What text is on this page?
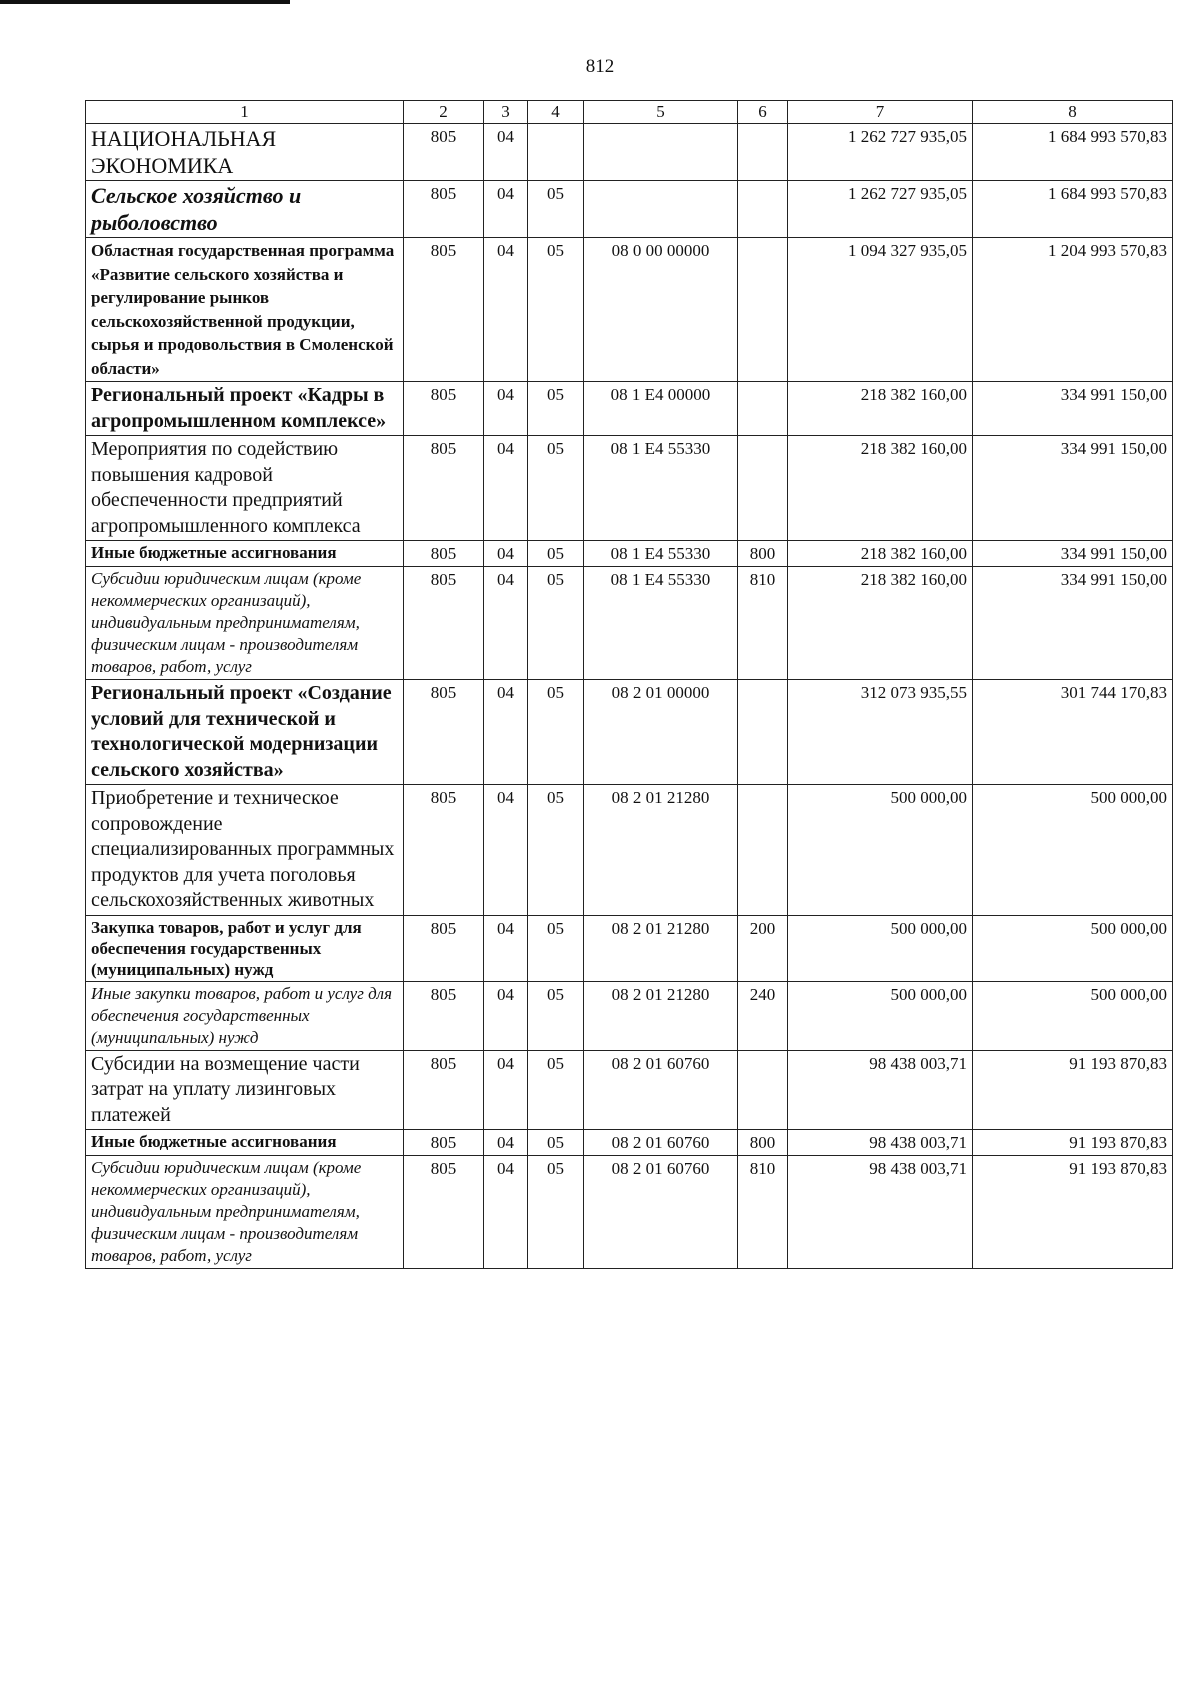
812
1	2	3	4	5	6	7	8
НАЦИОНАЛЬНАЯ ЭКОНОМИКА	805	04				1 262 727 935,05	1 684 993 570,83
Сельское хозяйство и рыболовство	805	04	05			1 262 727 935,05	1 684 993 570,83
Областная государственная программа «Развитие сельского хозяйства и регулирование рынков сельскохозяйственной продукции, сырья и продовольствия в Смоленской области»	805	04	05	08 0 00 00000		1 094 327 935,05	1 204 993 570,83
Региональный проект «Кадры в агропромышленном комплексе»	805	04	05	08 1 Е4 00000		218 382 160,00	334 991 150,00
Мероприятия по содействию повышения кадровой обеспеченности предприятий агропромышленного комплекса	805	04	05	08 1 Е4 55330		218 382 160,00	334 991 150,00
Иные бюджетные ассигнования	805	04	05	08 1 Е4 55330	800	218 382 160,00	334 991 150,00
Субсидии юридическим лицам (кроме некоммерческих организаций), индивидуальным предпринимателям, физическим лицам - производителям товаров, работ, услуг	805	04	05	08 1 Е4 55330	810	218 382 160,00	334 991 150,00
Региональный проект «Создание условий для технической и технологической модернизации сельского хозяйства»	805	04	05	08 2 01 00000		312 073 935,55	301 744 170,83
Приобретение и техническое сопровождение специализированных программных продуктов для учета поголовья сельскохозяйственных животных	805	04	05	08 2 01 21280		500 000,00	500 000,00
Закупка товаров, работ и услуг для обеспечения государственных (муниципальных) нужд	805	04	05	08 2 01 21280	200	500 000,00	500 000,00
Иные закупки товаров, работ и услуг для обеспечения государственных (муниципальных) нужд	805	04	05	08 2 01 21280	240	500 000,00	500 000,00
Субсидии на возмещение части затрат на уплату лизинговых платежей	805	04	05	08 2 01 60760		98 438 003,71	91 193 870,83
Иные бюджетные ассигнования	805	04	05	08 2 01 60760	800	98 438 003,71	91 193 870,83
Субсидии юридическим лицам (кроме некоммерческих организаций), индивидуальным предпринимателям, физическим лицам - производителям товаров, работ, услуг	805	04	05	08 2 01 60760	810	98 438 003,71	91 193 870,83
